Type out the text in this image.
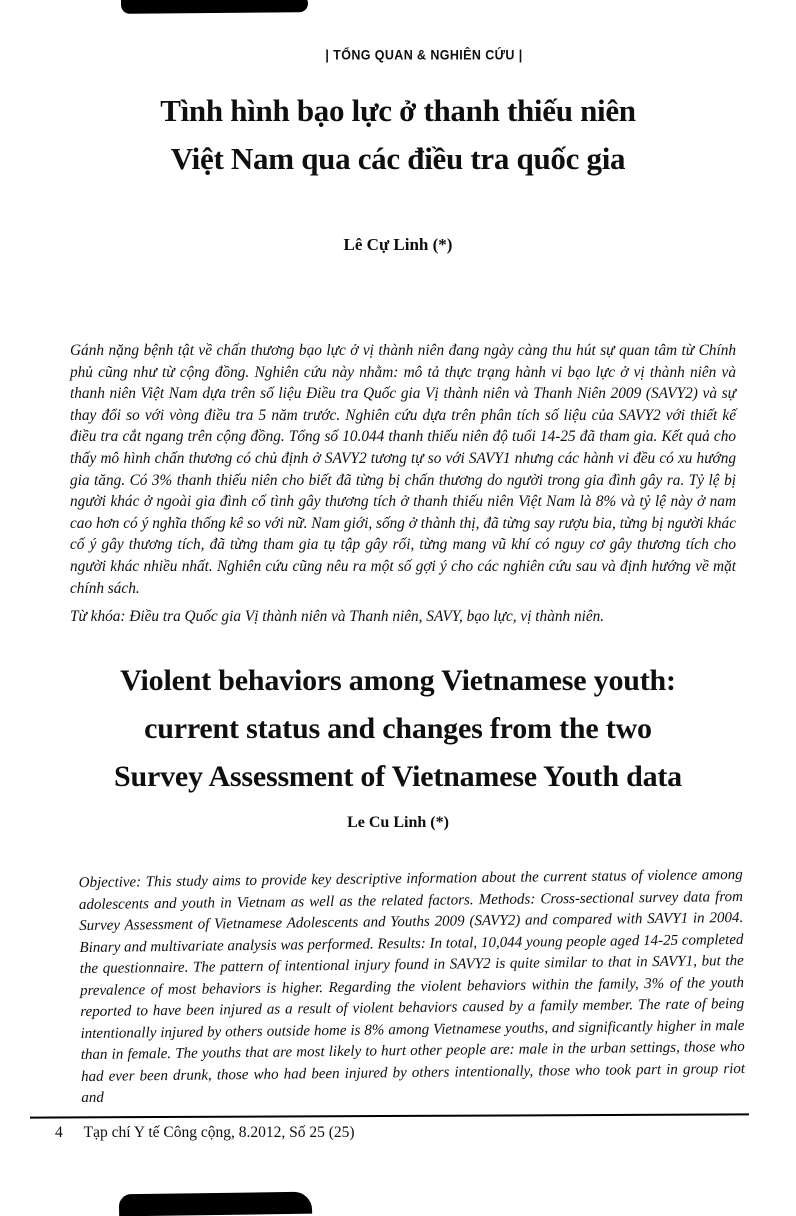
| TỔNG QUAN & NGHIÊN CỨU |
Tình hình bạo lực ở thanh thiếu niên
Việt Nam qua các điều tra quốc gia
Lê Cự Linh (*)
Gánh nặng bệnh tật về chấn thương bạo lực ở vị thành niên đang ngày càng thu hút sự quan tâm từ Chính phủ cũng như từ cộng đồng. Nghiên cứu này nhằm: mô tả thực trạng hành vi bạo lực ở vị thành niên và thanh niên Việt Nam dựa trên số liệu Điều tra Quốc gia Vị thành niên và Thanh Niên 2009 (SAVY2) và sự thay đổi so với vòng điều tra 5 năm trước. Nghiên cứu dựa trên phân tích số liệu của SAVY2 với thiết kế điều tra cắt ngang trên cộng đồng. Tổng số 10.044 thanh thiếu niên độ tuổi 14-25 đã tham gia. Kết quả cho thấy mô hình chấn thương có chủ định ở SAVY2 tương tự so với SAVY1 nhưng các hành vi đều có xu hướng gia tăng. Có 3% thanh thiếu niên cho biết đã từng bị chấn thương do người trong gia đình gây ra. Tỷ lệ bị người khác ở ngoài gia đình cố tình gây thương tích ở thanh thiếu niên Việt Nam là 8% và tỷ lệ này ở nam cao hơn có ý nghĩa thống kê so với nữ. Nam giới, sống ở thành thị, đã từng say rượu bia, từng bị người khác cố ý gây thương tích, đã từng tham gia tụ tập gây rối, từng mang vũ khí có nguy cơ gây thương tích cho người khác nhiều nhất. Nghiên cứu cũng nêu ra một số gợi ý cho các nghiên cứu sau và định hướng về mặt chính sách.
Từ khóa: Điều tra Quốc gia Vị thành niên và Thanh niên, SAVY, bạo lực, vị thành niên.
Violent behaviors among Vietnamese youth:
current status and changes from the two
Survey Assessment of Vietnamese Youth data
Le Cu Linh (*)
Objective: This study aims to provide key descriptive information about the current status of violence among adolescents and youth in Vietnam as well as the related factors. Methods: Cross-sectional survey data from Survey Assessment of Vietnamese Adolescents and Youths 2009 (SAVY2) and compared with SAVY1 in 2004. Binary and multivariate analysis was performed. Results: In total, 10,044 young people aged 14-25 completed the questionnaire. The pattern of intentional injury found in SAVY2 is quite similar to that in SAVY1, but the prevalence of most behaviors is higher. Regarding the violent behaviors within the family, 3% of the youth reported to have been injured as a result of violent behaviors caused by a family member. The rate of being intentionally injured by others outside home is 8% among Vietnamese youths, and significantly higher in male than in female. The youths that are most likely to hurt other people are: male in the urban settings, those who had ever been drunk, those who had been injured by others intentionally, those who took part in group riot and
4 Tạp chí Y tế Công cộng, 8.2012, Số 25 (25)
